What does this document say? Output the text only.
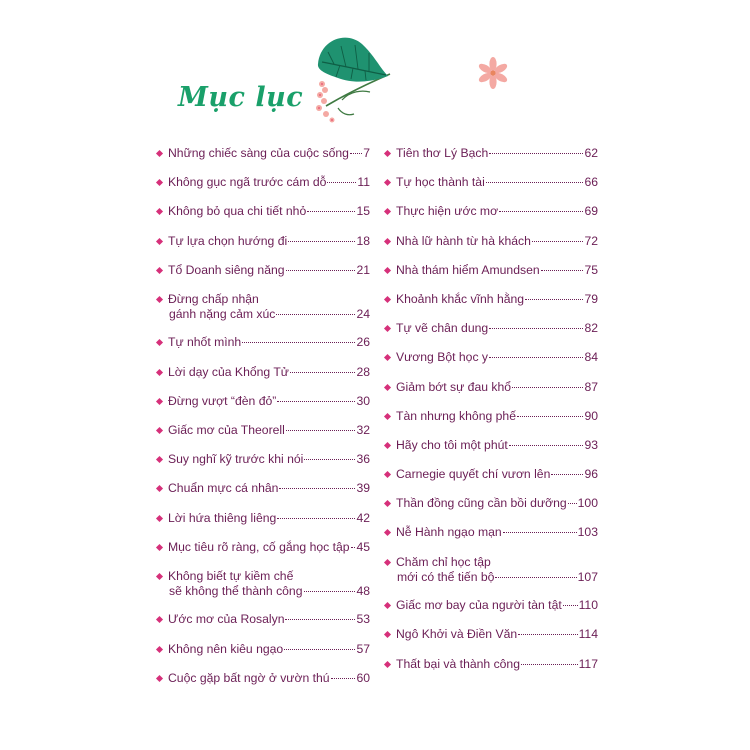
Mục lục
Những chiếc sàng của cuộc sống 7
Không gục ngã trước cám dỗ	11
Không bỏ qua chi tiết nhỏ	15
Tự lựa chọn hướng đi	18
Tổ Doanh siêng năng	21
Đừng chấp nhận
gánh nặng cảm xúc	24
Tự nhốt mình	26
Lời dạy của Khổng Tử	28
Đừng vượt “đèn đỏ”	30
Giấc mơ của Theorell	32
Suy nghĩ kỹ trước khi nói	36
Chuẩn mực cá nhân	39
Lời hứa thiêng liêng	42
Mục tiêu rõ ràng, cố gắng học tập 45
Không biết tự kiềm chế
sẽ không thể thành công	48
Ước mơ của Rosalyn	53
Không nên kiêu ngạo	57
Cuộc gặp bất ngờ ở vườn thú 60
Tiên thơ Lý Bạch	62
Tự học thành tài	66
Thực hiện ước mơ	69
Nhà lữ hành từ hà khách	72
Nhà thám hiểm Amundsen	75
Khoảnh khắc vĩnh hằng	79
Tự vẽ chân dung	82
Vương Bột học y	84
Giảm bớt sự đau khổ	87
Tàn nhưng không phế	90
Hãy cho tôi một phút	93
Carnegie quyết chí vươn lên	96
Thần đồng cũng cần bồi dưỡng 100
Nễ Hành ngạo mạn	103
Chăm chỉ học tập
mới có thể tiến bộ	107
Giấc mơ bay của người tàn tật 110
Ngô Khởi và Điền Văn	114
Thất bại và thành công	117
